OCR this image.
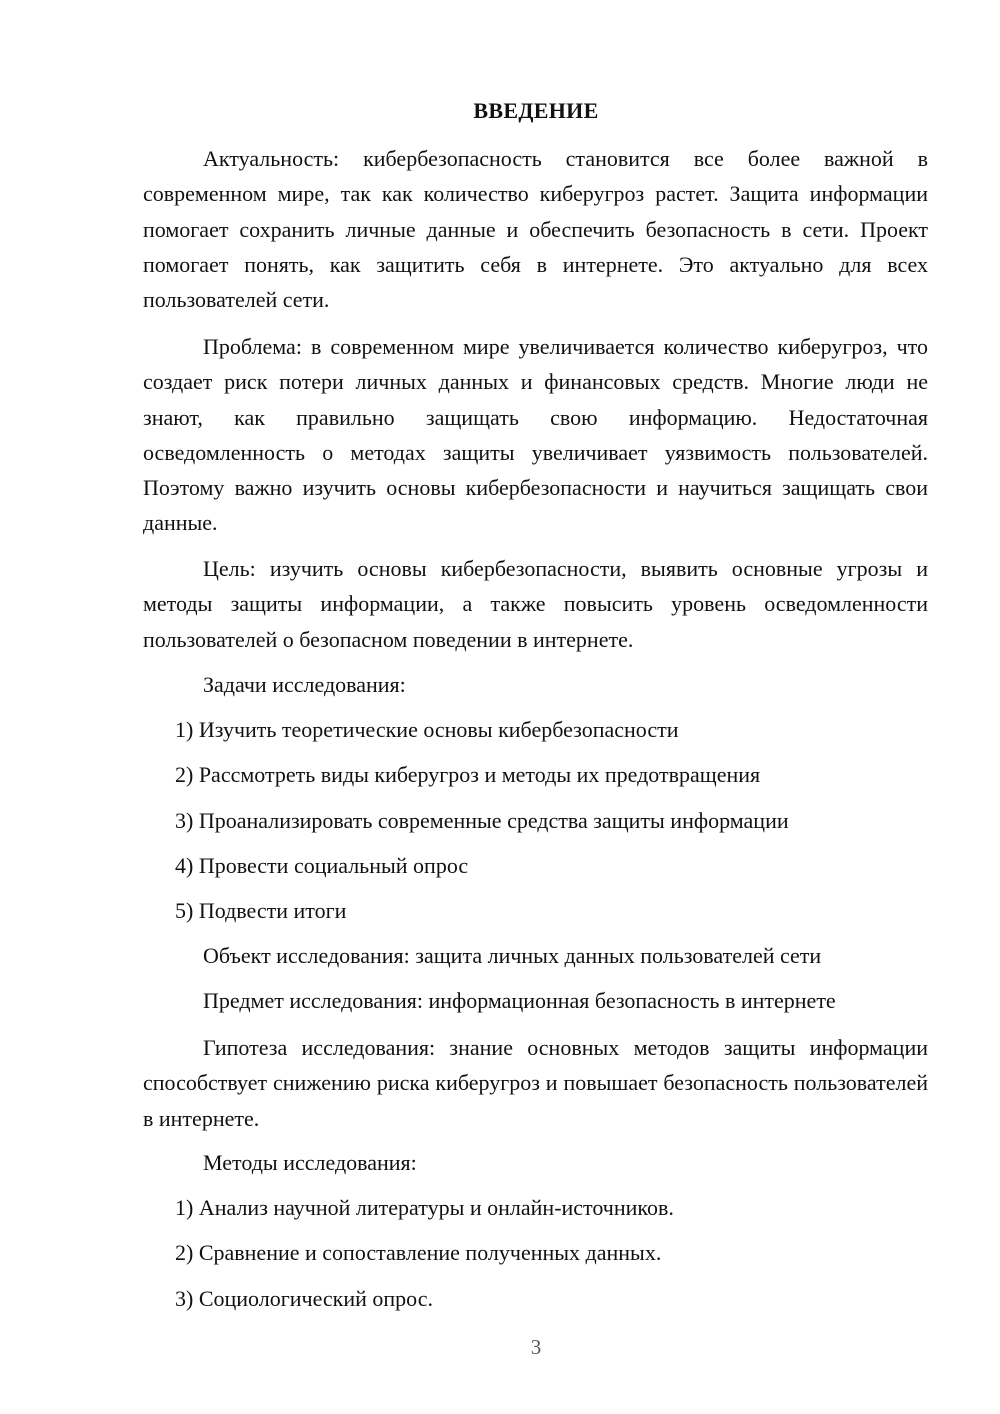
ВВЕДЕНИЕ

Актуальность: кибербезопасность становится все более важной в современном мире, так как количество киберугроз растет. Защита информации помогает сохранить личные данные и обеспечить безопасность в сети. Проект помогает понять, как защитить себя в интернете. Это актуально для всех пользователей сети.

Проблема: в современном мире увеличивается количество киберугроз, что создает риск потери личных данных и финансовых средств. Многие люди не знают, как правильно защищать свою информацию. Недостаточная осведомленность о методах защиты увеличивает уязвимость пользователей. Поэтому важно изучить основы кибербезопасности и научиться защищать свои данные.

Цель: изучить основы кибербезопасности, выявить основные угрозы и методы защиты информации, а также повысить уровень осведомленности пользователей о безопасном поведении в интернете.

Задачи исследования:

1) Изучить теоретические основы кибербезопасности

2) Рассмотреть виды киберугроз и методы их предотвращения

3) Проанализировать современные средства защиты информации

4) Провести социальный опрос

5) Подвести итоги

Объект исследования: защита личных данных пользователей сети

Предмет исследования: информационная безопасность в интернете

Гипотеза исследования: знание основных методов защиты информации способствует снижению риска киберугроз и повышает безопасность пользователей в интернете.

Методы исследования:

1) Анализ научной литературы и онлайн-источников.

2) Сравнение и сопоставление полученных данных.

3) Социологический опрос.

3
